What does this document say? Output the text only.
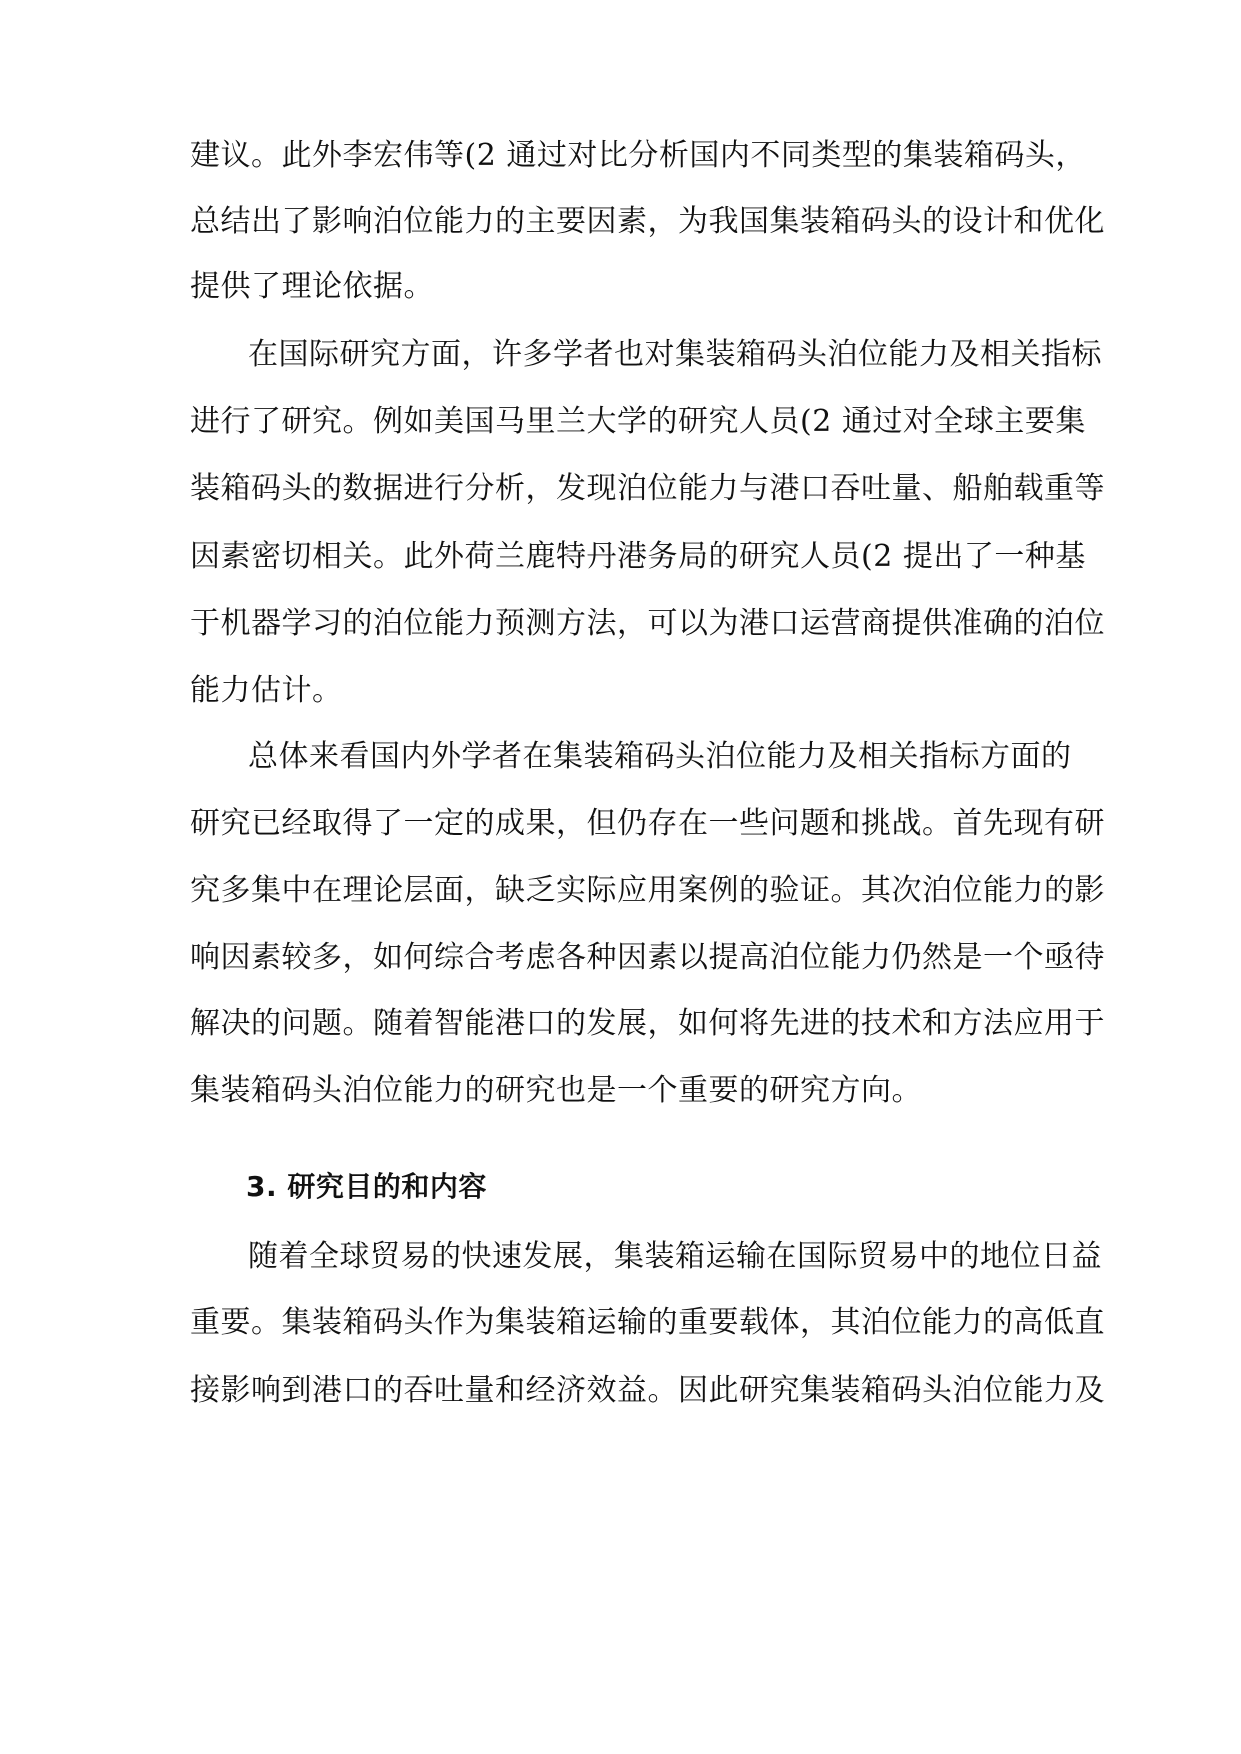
建议。此外李宏伟等(2 通过对比分析国内不同类型的集装箱码头，
总结出了影响泊位能力的主要因素，为我国集装箱码头的设计和优化
提供了理论依据。
在国际研究方面，许多学者也对集装箱码头泊位能力及相关指标
进行了研究。例如美国马里兰大学的研究人员(2 通过对全球主要集
装箱码头的数据进行分析，发现泊位能力与港口吞吐量、船舶载重等
因素密切相关。此外荷兰鹿特丹港务局的研究人员(2 提出了一种基
于机器学习的泊位能力预测方法，可以为港口运营商提供准确的泊位
能力估计。
总体来看国内外学者在集装箱码头泊位能力及相关指标方面的
研究已经取得了一定的成果，但仍存在一些问题和挑战。首先现有研
究多集中在理论层面，缺乏实际应用案例的验证。其次泊位能力的影
响因素较多，如何综合考虑各种因素以提高泊位能力仍然是一个亟待
解决的问题。随着智能港口的发展，如何将先进的技术和方法应用于
集装箱码头泊位能力的研究也是一个重要的研究方向。
3. 研究目的和内容
随着全球贸易的快速发展，集装箱运输在国际贸易中的地位日益
重要。集装箱码头作为集装箱运输的重要载体，其泊位能力的高低直
接影响到港口的吞吐量和经济效益。因此研究集装箱码头泊位能力及
